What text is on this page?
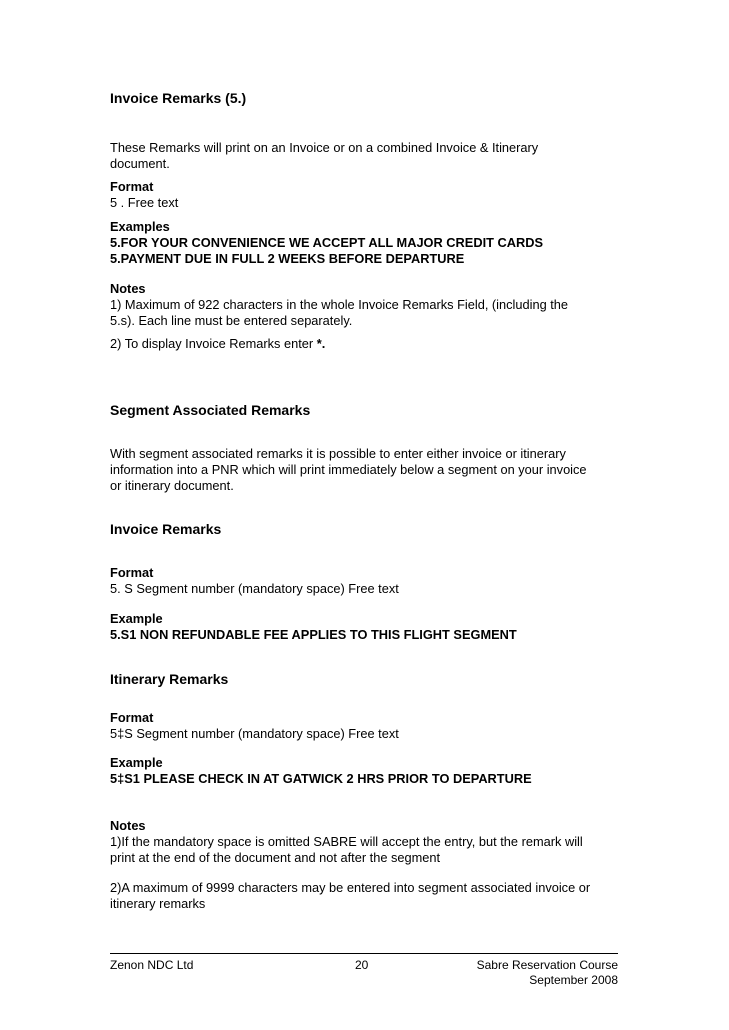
Invoice Remarks (5.)

These Remarks will print on an Invoice or on a combined Invoice & Itinerary

document.

Format

5 . Free text

Examples

5.FOR YOUR CONVENIENCE WE ACCEPT ALL MAJOR CREDIT CARDS

5.PAYMENT DUE IN FULL 2 WEEKS BEFORE DEPARTURE

Notes

1) Maximum of 922 characters in the whole Invoice Remarks Field, (including the

5.s). Each line must be entered separately.

2) To display Invoice Remarks enter *.

Segment Associated Remarks

With segment associated remarks it is possible to enter either invoice or itinerary

information into a PNR which will print immediately below a segment on your invoice

or itinerary document.

Invoice Remarks

Format

5. S Segment number (mandatory space) Free text

Example

5.S1 NON REFUNDABLE FEE APPLIES TO THIS FLIGHT SEGMENT

Itinerary Remarks

Format

5‡S Segment number (mandatory space) Free text

Example

5‡S1 PLEASE CHECK IN AT GATWICK 2 HRS PRIOR TO DEPARTURE

Notes

1)If the mandatory space is omitted SABRE will accept the entry, but the remark will

print at the end of the document and not after the segment

2)A maximum of 9999 characters may be entered into segment associated invoice or

itinerary remarks

Zenon NDC Ltd	20	Sabre Reservation Course
September 2008
